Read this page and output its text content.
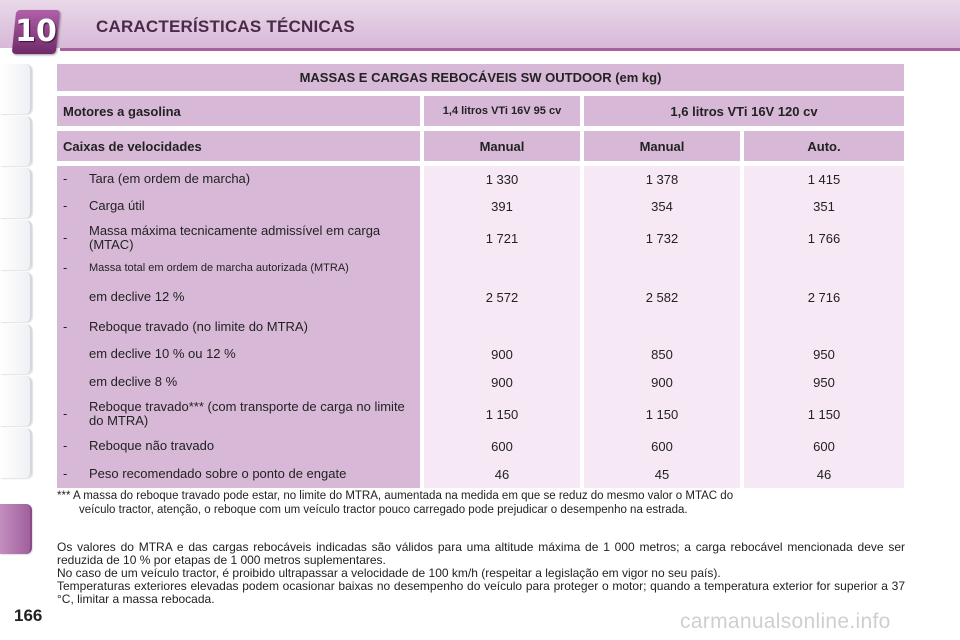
10 CARACTERÍSTICAS TÉCNICAS
MASSAS E CARGAS REBOCÁVEIS SW OUTDOOR (em kg)			
Motores a gasolina	1,4 litros VTi 16V 95 cv	1,6 litros VTi 16V 120 cv	
Caixas de velocidades	Manual	Manual	Auto.

- Tara (em ordem de marcha)	1 330	1 378	1 415

- Carga útil	391	354	351

- Massa máxima tecnicamente admissível em carga (MTAC)	1 721	1 732	1 766

- Massa total em ordem de marcha autorizada (MTRA)			

em declive 12 %	2 572	2 582	2 716

- Reboque travado (no limite do MTRA)			

em declive 10 % ou 12 %	900	850	950

em declive 8 %	900	900	950

- Reboque travado*** (com transporte de carga no limite do MTRA)	1 150	1 150	1 150

- Reboque não travado	600	600	600

- Peso recomendado sobre o ponto de engate	46	45	46
*** A massa do reboque travado pode estar, no limite do MTRA, aumentada na medida em que se reduz do mesmo valor o MTAC do
veículo tractor, atenção, o reboque com um veículo tractor pouco carregado pode prejudicar o desempenho na estrada.
Os valores do MTRA e das cargas rebocáveis indicadas são válidos para uma altitude máxima de 1 000 metros; a carga rebocável mencionada deve ser reduzida de 10 % por etapas de 1 000 metros suplementares.
No caso de um veículo tractor, é proibido ultrapassar a velocidade de 100 km/h (respeitar a legislação em vigor no seu país).
Temperaturas exteriores elevadas podem ocasionar baixas no desempenho do veículo para proteger o motor; quando a temperatura exterior for superior a 37 °C, limitar a massa rebocada.
166	carmanualsonline.info
